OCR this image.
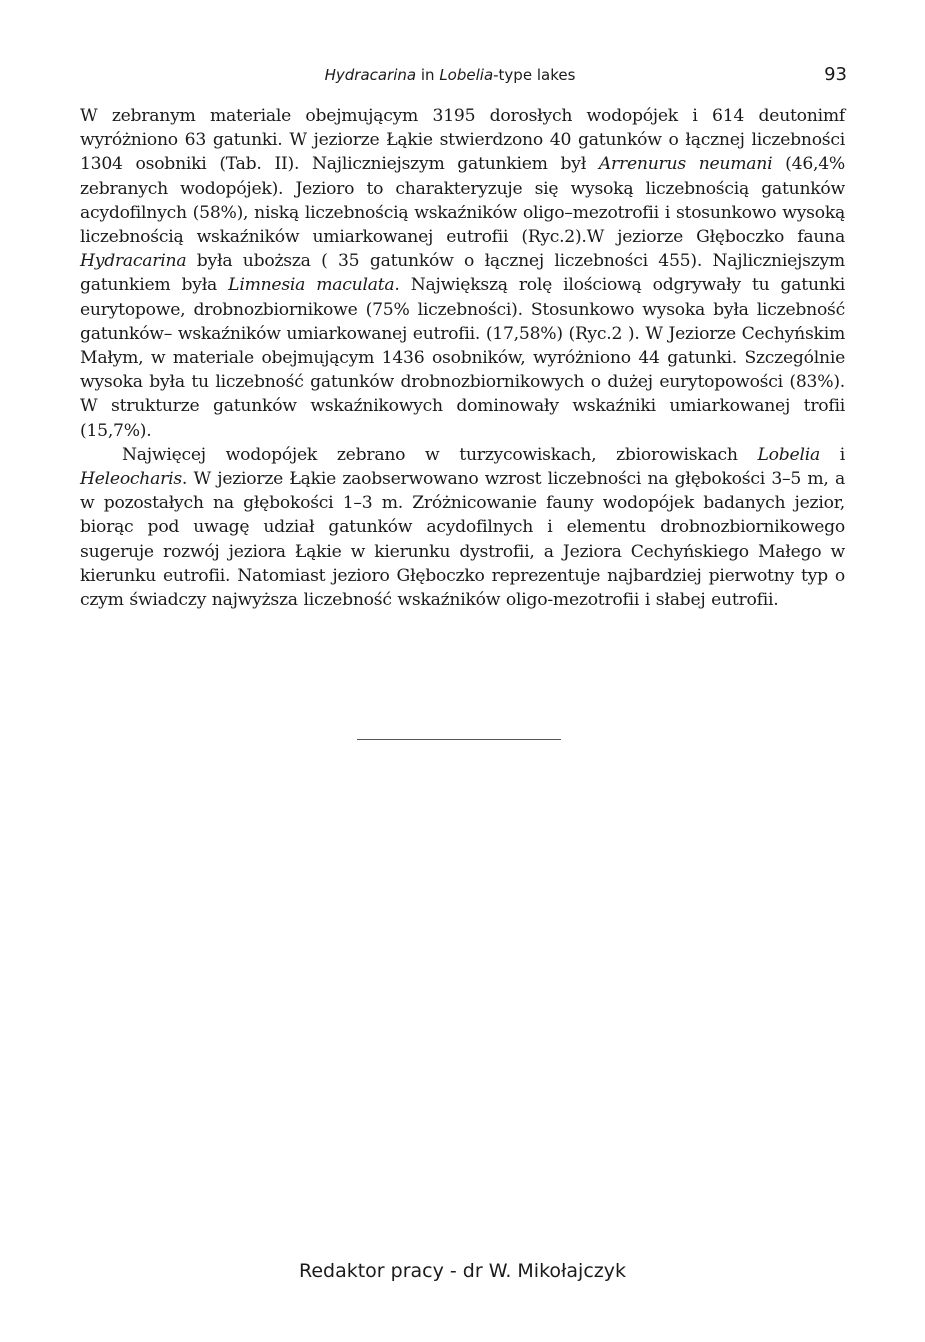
Hydracarina in Lobelia-type lakes	93

W zebranym materiale obejmującym 3195 dorosłych wodopójek i 614 deutonimf wyróżniono 63 gatunki. W jeziorze Łąkie stwierdzono 40 gatunków o łącznej liczebności 1304 osobniki (Tab. II). Najliczniejszym gatunkiem był Arrenurus neumani (46,4% zebranych wodopójek). Jezioro to charakteryzuje się wysoką liczebnością gatunków acydofilnych (58%), niską liczebnością wskaźników oligo–mezotrofii i stosunkowo wysoką liczebnością wskaźników umiarkowanej eutrofii (Ryc.2).W jeziorze Głęboczko fauna Hydracarina była uboższa ( 35 gatunków o łącznej liczebności 455). Najliczniejszym gatunkiem była Limnesia maculata. Największą rolę ilościową odgrywały tu gatunki eurytopowe, drobnozbiornikowe (75% liczebności). Stosunkowo wysoka była liczebność gatunków– wskaźników umiarkowanej eutrofii. (17,58%) (Ryc.2 ). W Jeziorze Cechyńskim Małym, w materiale obejmującym 1436 osobników, wyróżniono 44 gatunki. Szczególnie wysoka była tu liczebność gatunków drobnozbiornikowych o dużej eurytopowości (83%). W strukturze gatunków wskaźnikowych dominowały wskaźniki umiarkowanej trofii (15,7%).

Najwięcej wodopójek zebrano w turzycowiskach, zbiorowiskach Lobelia i Heleocharis. W jeziorze Łąkie zaobserwowano wzrost liczebności na głębokości 3–5 m, a w pozostałych na głębokości 1–3 m. Zróżnicowanie fauny wodopójek badanych jezior, biorąc pod uwagę udział gatunków acydofilnych i elementu drobnozbiornikowego sugeruje rozwój jeziora Łąkie w kierunku dystrofii, a Jeziora Cechyńskiego Małego w kierunku eutrofii. Natomiast jezioro Głęboczko reprezentuje najbardziej pierwotny typ o czym świadczy najwyższa liczebność wskaźników oligo-mezotrofii i słabej eutrofii.

Redaktor pracy - dr W. Mikołajczyk
